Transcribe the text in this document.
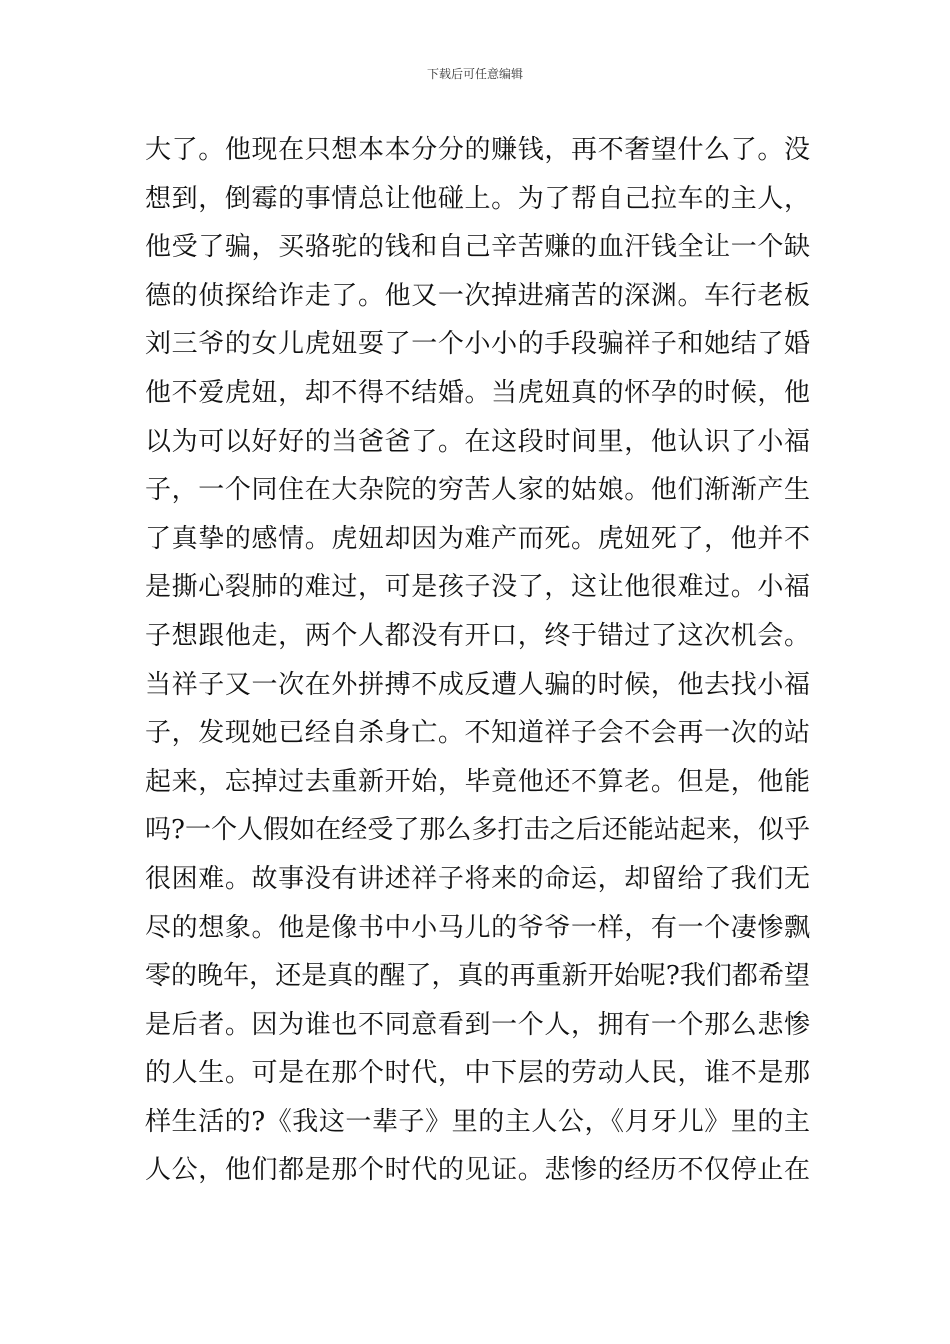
下载后可任意编辑
大了。他现在只想本本分分的赚钱，再不奢望什么了。没
想到，倒霉的事情总让他碰上。为了帮自己拉车的主人，
他受了骗，买骆驼的钱和自己辛苦赚的血汗钱全让一个缺
德的侦探给诈走了。他又一次掉进痛苦的深渊。车行老板
刘三爷的女儿虎妞耍了一个小小的手段骗祥子和她结了婚
他不爱虎妞，却不得不结婚。当虎妞真的怀孕的时候，他
以为可以好好的当爸爸了。在这段时间里，他认识了小福
子，一个同住在大杂院的穷苦人家的姑娘。他们渐渐产生
了真挚的感情。虎妞却因为难产而死。虎妞死了，他并不
是撕心裂肺的难过，可是孩子没了，这让他很难过。小福
子想跟他走，两个人都没有开口，终于错过了这次机会。
当祥子又一次在外拼搏不成反遭人骗的时候，他去找小福
子，发现她已经自杀身亡。不知道祥子会不会再一次的站
起来，忘掉过去重新开始，毕竟他还不算老。但是，他能
吗?一个人假如在经受了那么多打击之后还能站起来，似乎
很困难。故事没有讲述祥子将来的命运，却留给了我们无
尽的想象。他是像书中小马儿的爷爷一样，有一个凄惨飘
零的晚年，还是真的醒了，真的再重新开始呢?我们都希望
是后者。因为谁也不同意看到一个人，拥有一个那么悲惨
的人生。可是在那个时代，中下层的劳动人民，谁不是那
样生活的?《我这一辈子》里的主人公，《月牙儿》里的主
人公，他们都是那个时代的见证。悲惨的经历不仅停止在
